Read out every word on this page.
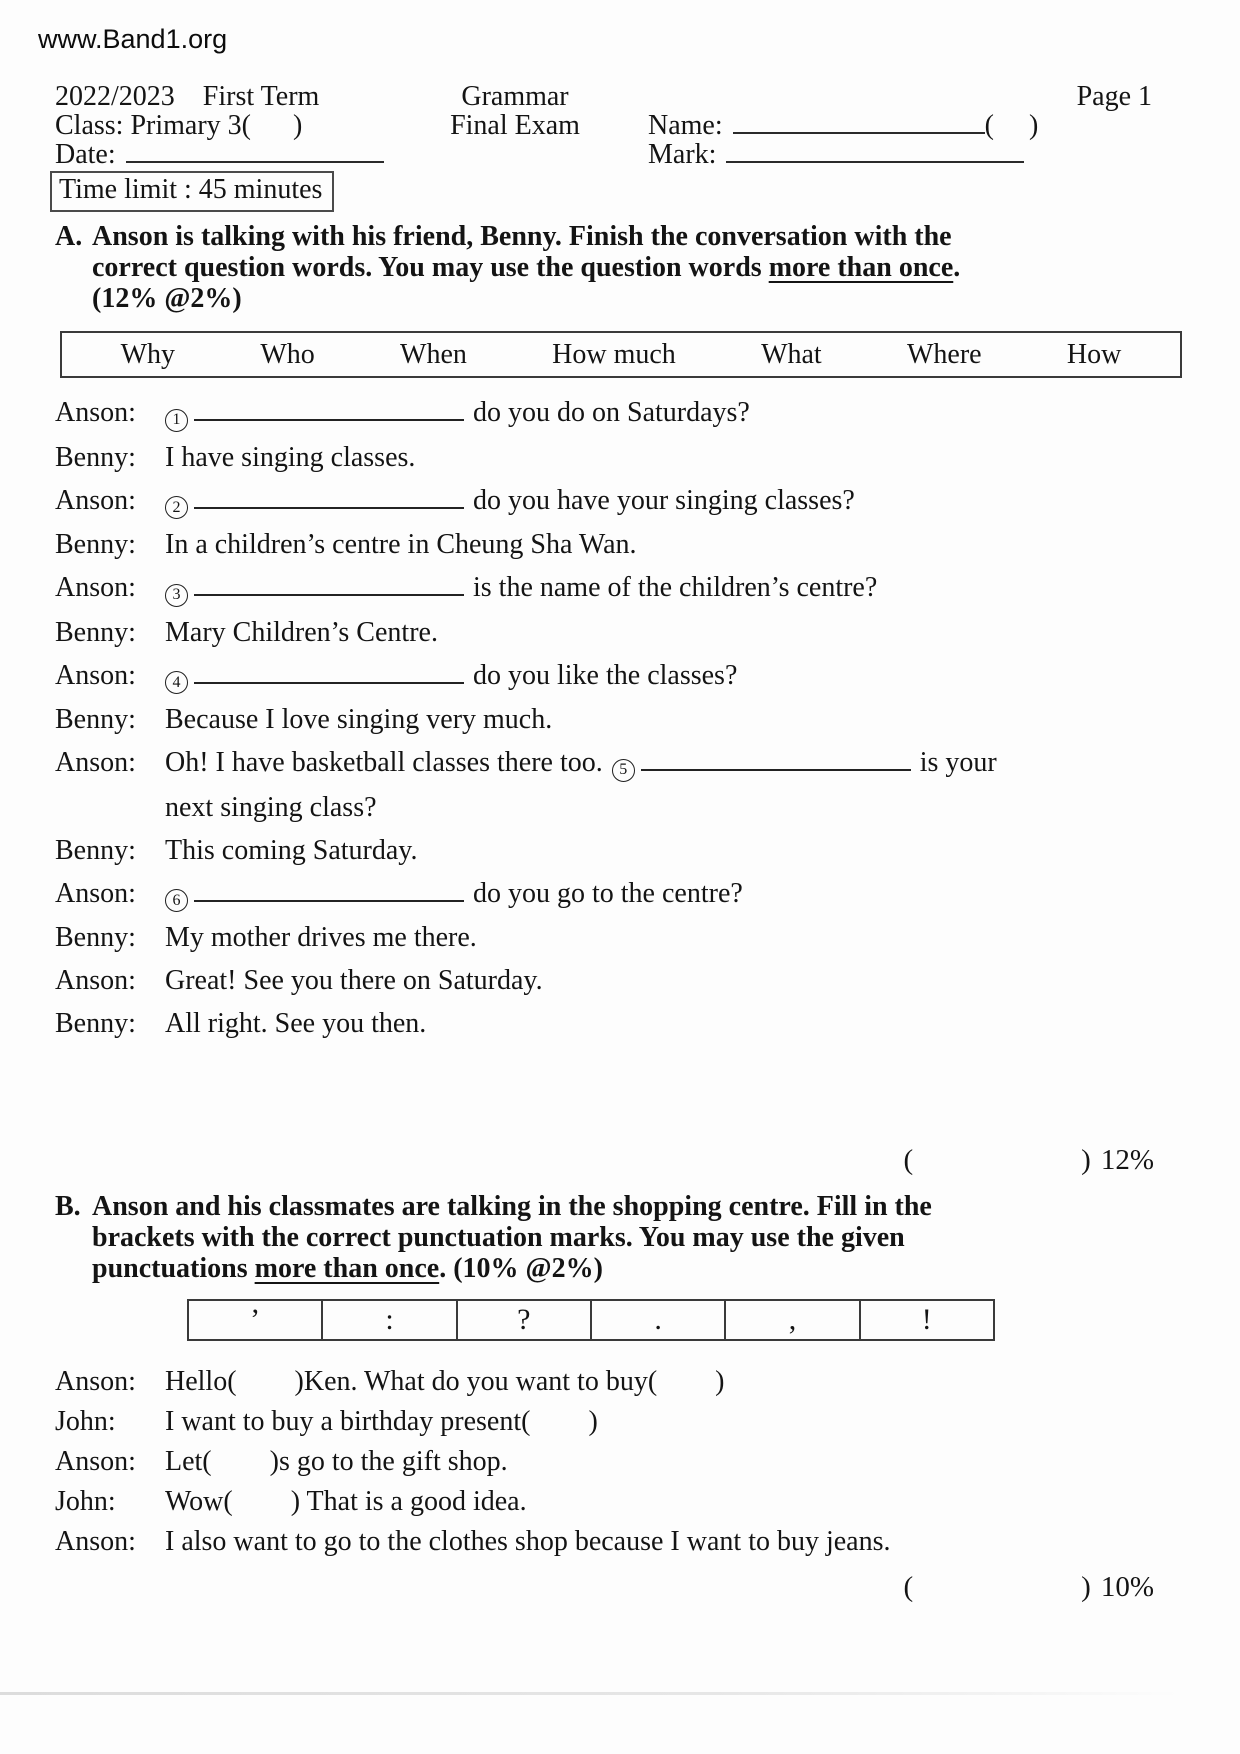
www.Band1.org
2022/2023    First Term	Grammar	Page 1
Class: Primary 3(      )	Final Exam	Name:	(     )
Date:	Mark:
Time limit : 45 minutes
A. Anson is talking with his friend, Benny. Finish the conversation with the
correct question words. You may use the question words more than once.
(12% @2%)
Why	Who	When	How much	What	Where	How
Anson:	1	do you do on Saturdays?
Benny:	I have singing classes.
Anson:	2	do you have your singing classes?
Benny:	In a children’s centre in Cheung Sha Wan.
Anson:	3	is the name of the children’s centre?
Benny:	Mary Children’s Centre.
Anson:	4	do you like the classes?
Benny:	Because I love singing very much.
Anson:	Oh! I have basketball classes there too. 5	is your
next singing class?
Benny:	This coming Saturday.
Anson:	6	do you go to the centre?
Benny:	My mother drives me there.
Anson:	Great! See you there on Saturday.
Benny:	All right. See you then.
(	) 12%
B. Anson and his classmates are talking in the shopping centre. Fill in the
brackets with the correct punctuation marks. You may use the given
punctuations more than once. (10% @2%)
’	:	?	.	,	!
Anson:	Hello( )Ken. What do you want to buy( )
John:	I want to buy a birthday present( )
Anson:	Let( )s go to the gift shop.
John:	Wow( ) That is a good idea.
Anson:	I also want to go to the clothes shop because I want to buy jeans.
(	) 10%
